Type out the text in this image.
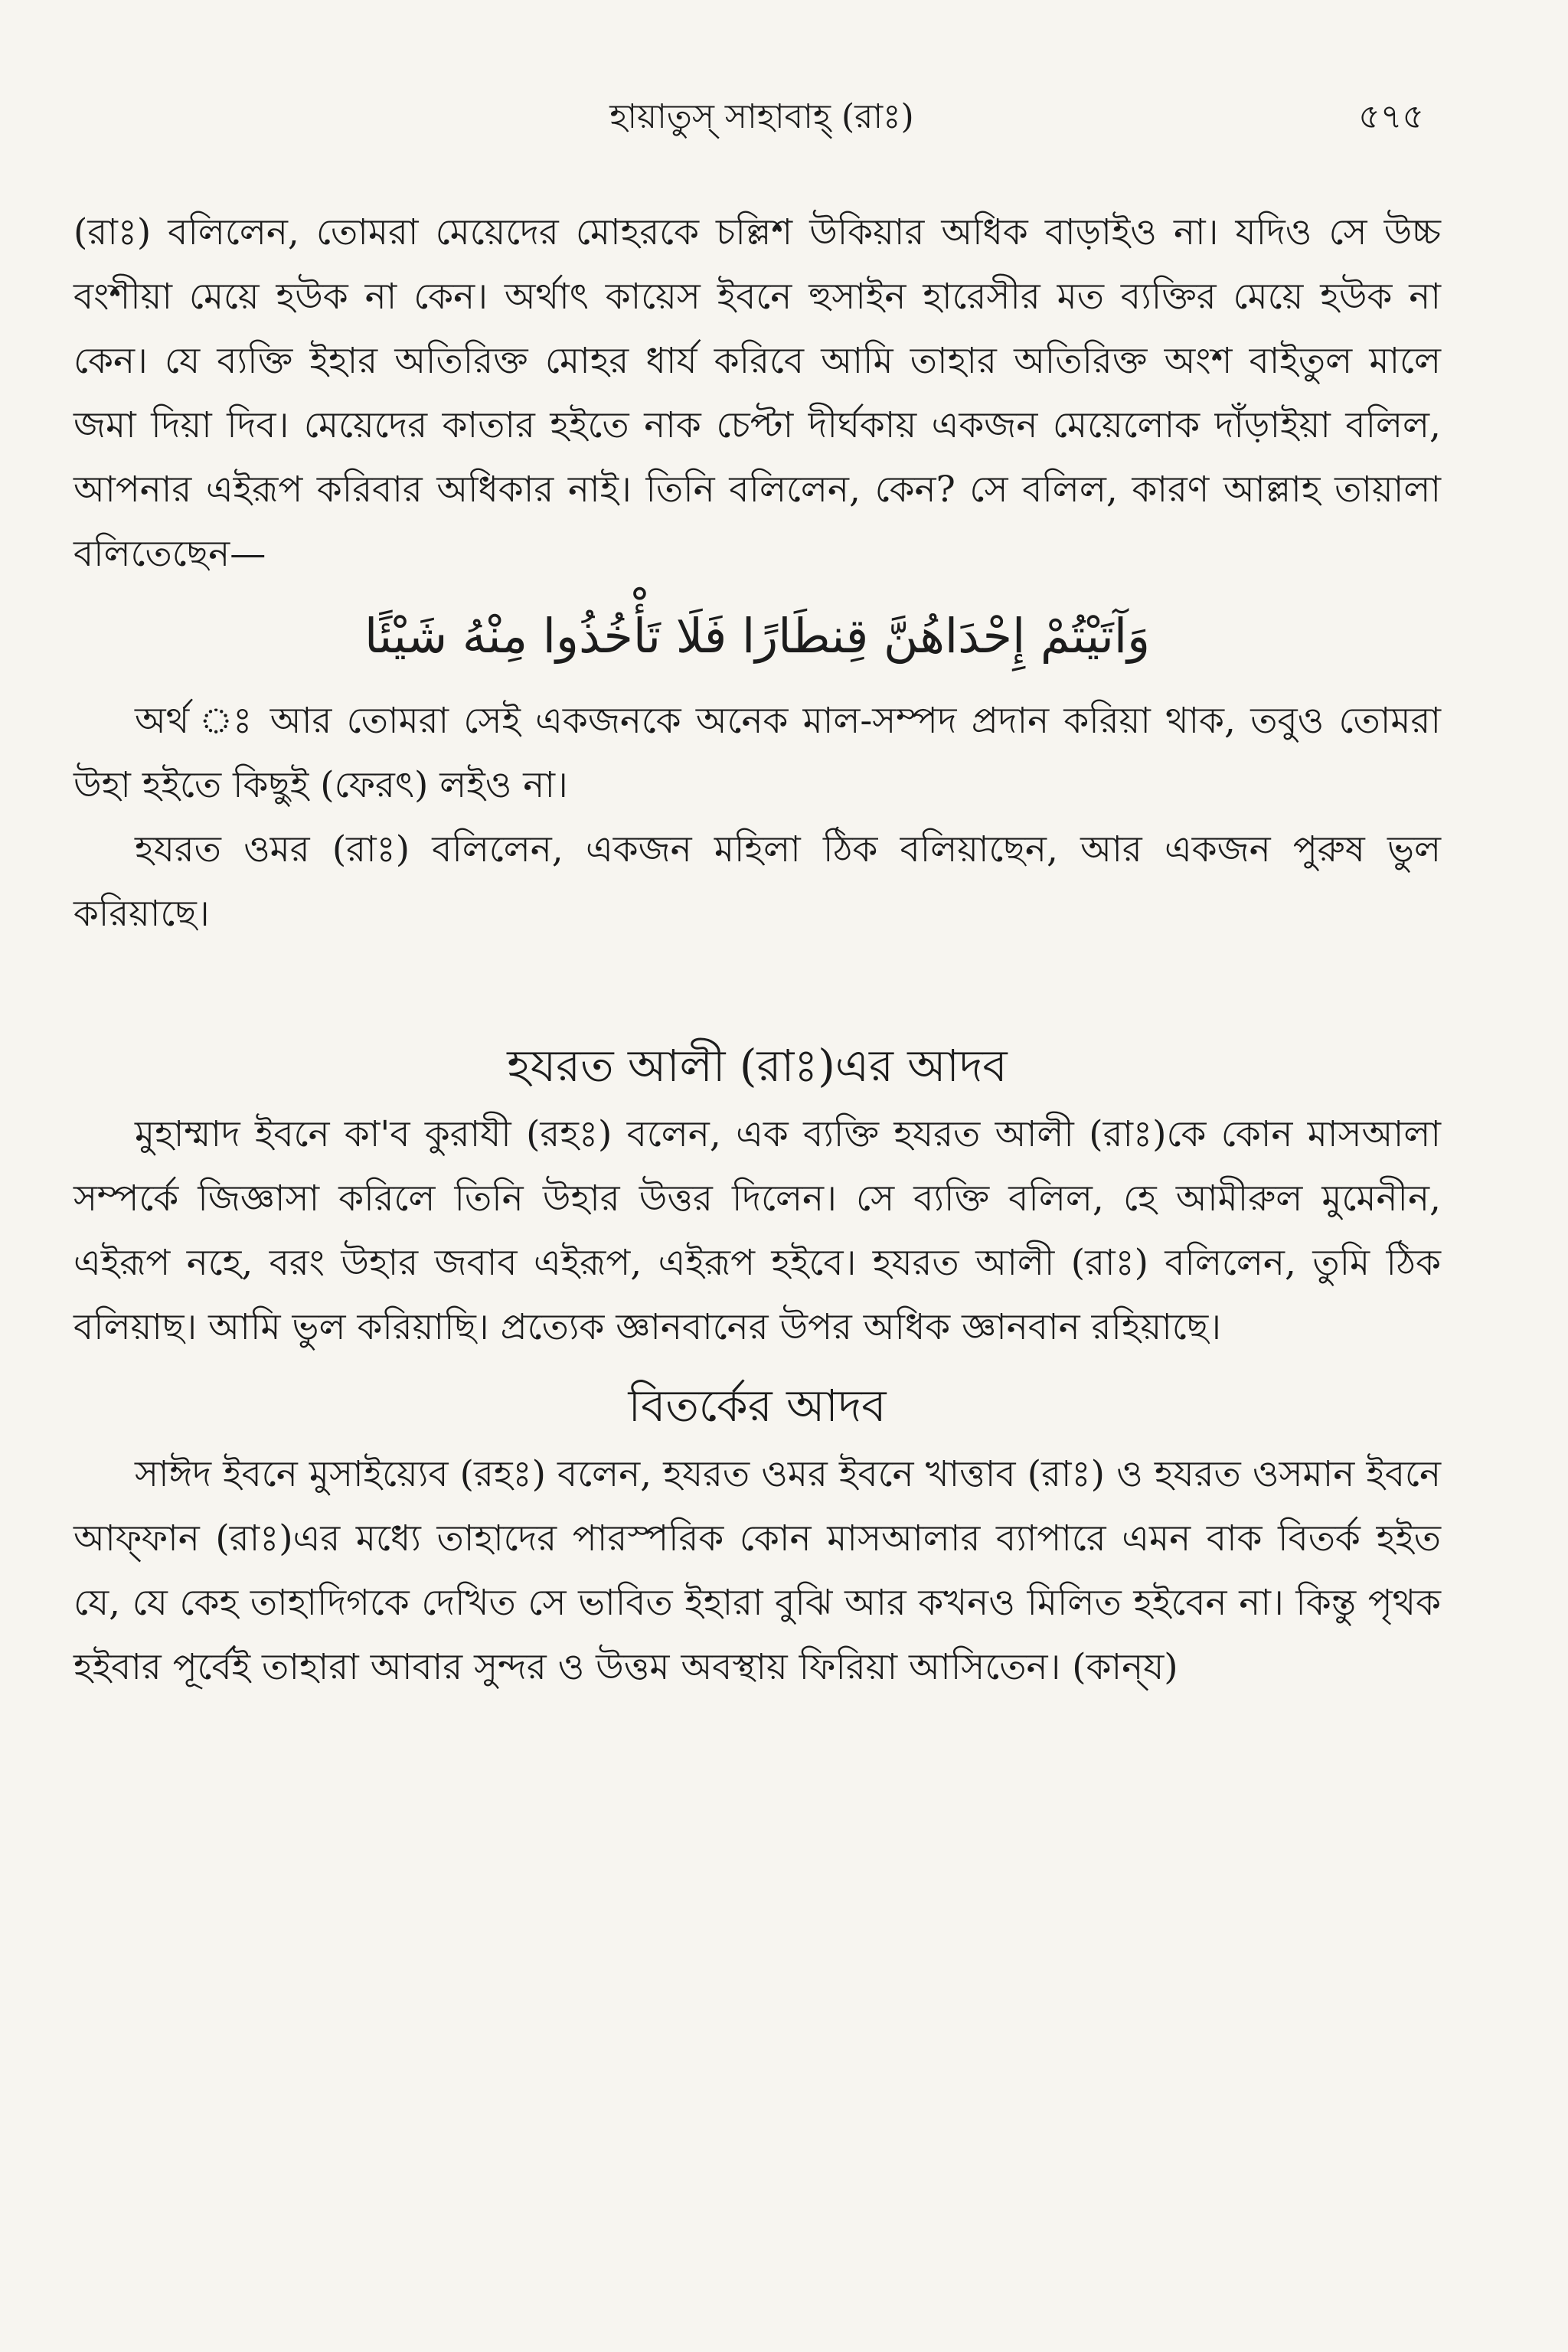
হায়াতুস্ সাহাবাহ্ (রাঃ)	৫৭৫

(রাঃ) বলিলেন, তোমরা মেয়েদের মোহরকে চল্লিশ উকিয়ার অধিক বাড়াইও না। যদিও সে উচ্চ বংশীয়া মেয়ে হউক না কেন। অর্থাৎ কায়েস ইবনে হুসাইন হারেসীর মত ব্যক্তির মেয়ে হউক না কেন। যে ব্যক্তি ইহার অতিরিক্ত মোহর ধার্য করিবে আমি তাহার অতিরিক্ত অংশ বাইতুল মালে জমা দিয়া দিব। মেয়েদের কাতার হইতে নাক চেপ্টা দীর্ঘকায় একজন মেয়েলোক দাঁড়াইয়া বলিল, আপনার এইরূপ করিবার অধিকার নাই। তিনি বলিলেন, কেন? সে বলিল, কারণ আল্লাহ তায়ালা বলিতেছেন—

وَآتَيْتُمْ إِحْدَاهُنَّ قِنطَارًا فَلَا تَأْخُذُوا مِنْهُ شَيْئًا

অর্থ ঃ আর তোমরা সেই একজনকে অনেক মাল-সম্পদ প্রদান করিয়া থাক, তবুও তোমরা উহা হইতে কিছুই (ফেরৎ) লইও না।

হযরত ওমর (রাঃ) বলিলেন, একজন মহিলা ঠিক বলিয়াছেন, আর একজন পুরুষ ভুল করিয়াছে।

হযরত আলী (রাঃ)এর আদব

মুহাম্মাদ ইবনে কা'ব কুরাযী (রহঃ) বলেন, এক ব্যক্তি হযরত আলী (রাঃ)কে কোন মাসআলা সম্পর্কে জিজ্ঞাসা করিলে তিনি উহার উত্তর দিলেন। সে ব্যক্তি বলিল, হে আমীরুল মুমেনীন, এইরূপ নহে, বরং উহার জবাব এইরূপ, এইরূপ হইবে। হযরত আলী (রাঃ) বলিলেন, তুমি ঠিক বলিয়াছ। আমি ভুল করিয়াছি। প্রত্যেক জ্ঞানবানের উপর অধিক জ্ঞানবান রহিয়াছে।

বিতর্কের আদব

সাঈদ ইবনে মুসাইয়্যেব (রহঃ) বলেন, হযরত ওমর ইবনে খাত্তাব (রাঃ) ও হযরত ওসমান ইবনে আফ্‌ফান (রাঃ)এর মধ্যে তাহাদের পারস্পরিক কোন মাসআলার ব্যাপারে এমন বাক বিতর্ক হইত যে, যে কেহ তাহাদিগকে দেখিত সে ভাবিত ইহারা বুঝি আর কখনও মিলিত হইবেন না। কিন্তু পৃথক হইবার পূর্বেই তাহারা আবার সুন্দর ও উত্তম অবস্থায় ফিরিয়া আসিতেন। (কান্‌য)
